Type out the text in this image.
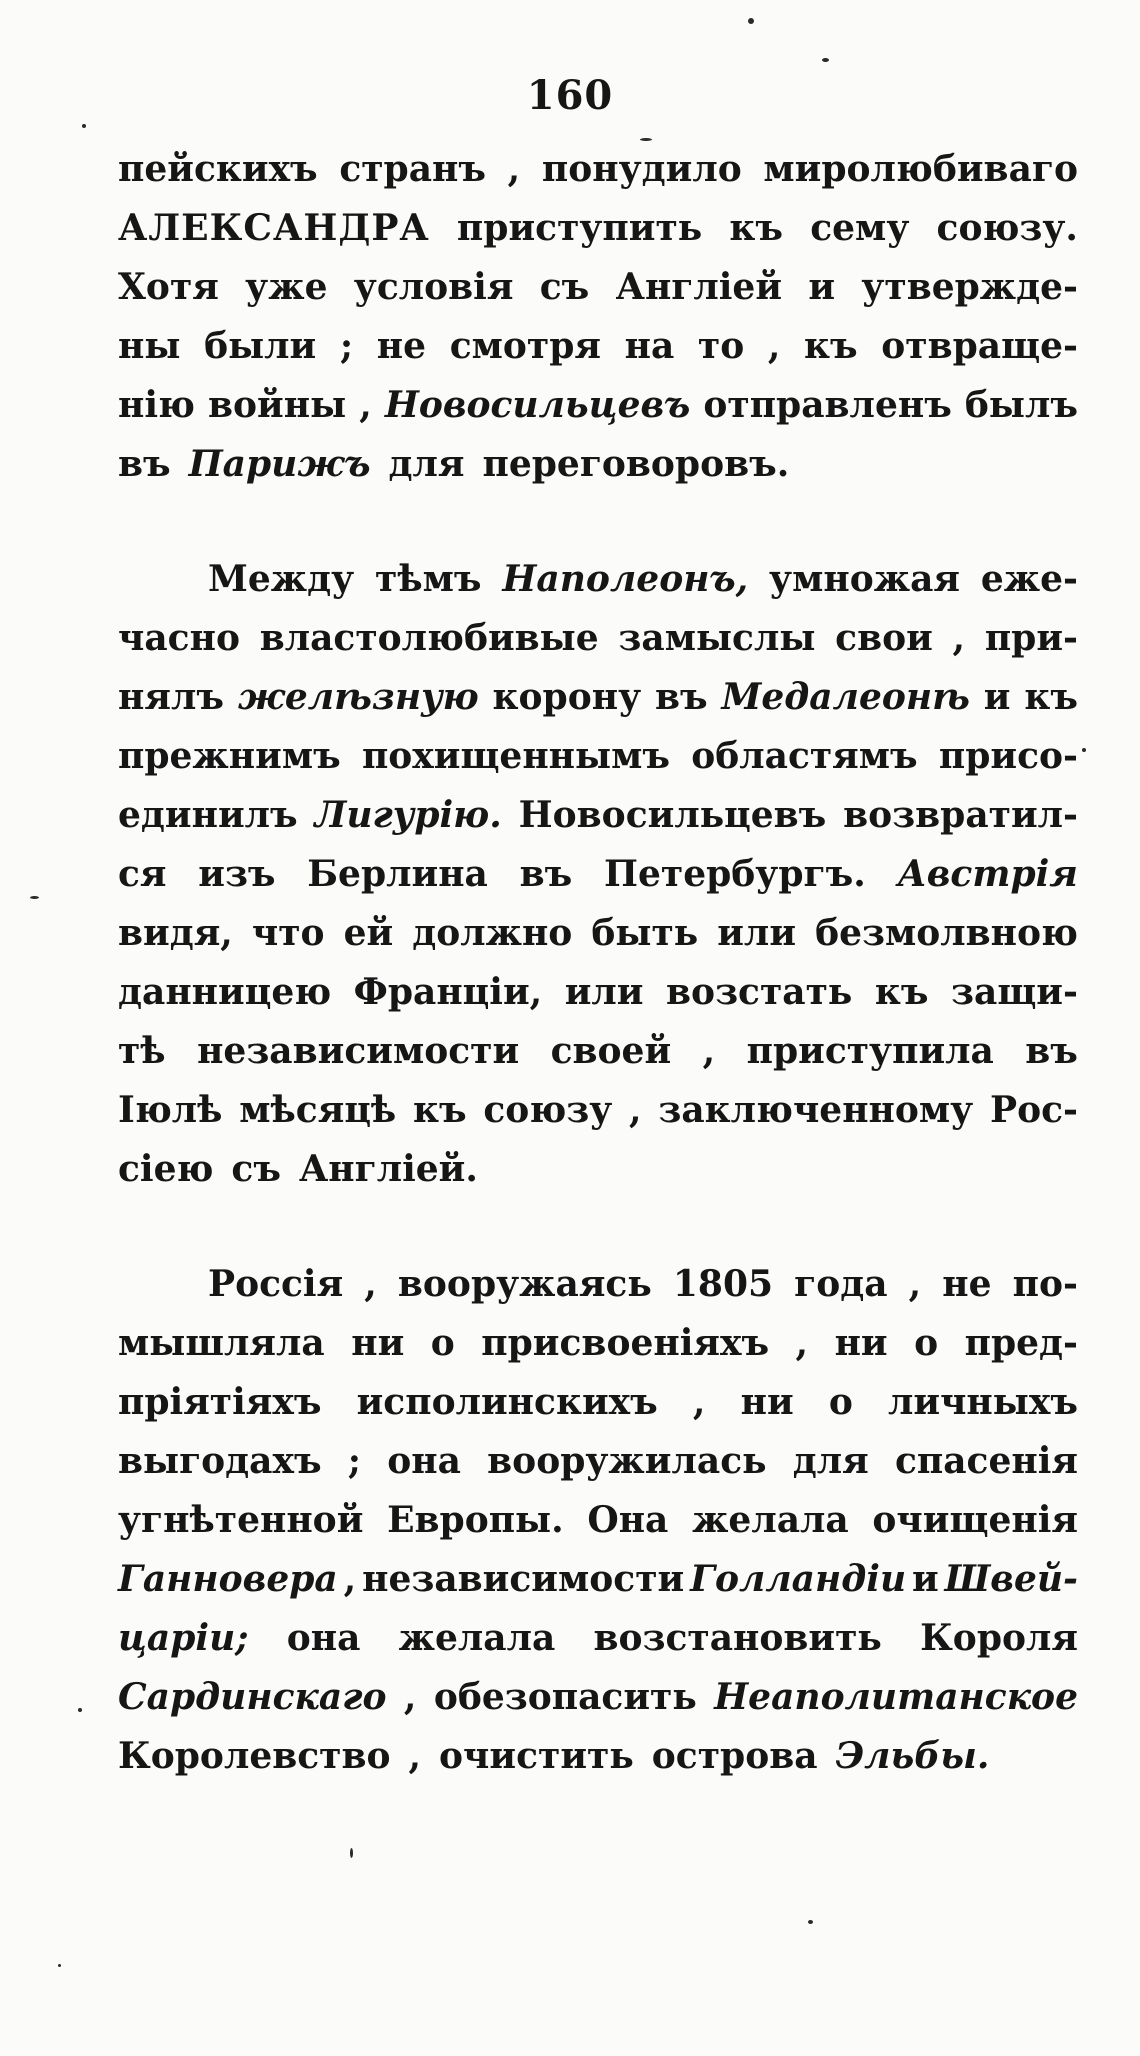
160
пейскихъ странъ , понудило миролюбиваго
АЛЕКСАНДРА приступить къ сему союзу.
Хотя уже условія съ Англіей и утвержде-
ны были ; не смотря на то , къ отвраще-
нію войны , Новосильцевъ отправленъ былъ
въ Парижъ для переговоровъ.
Между тѣмъ Наполеонъ, умножая еже-
часно властолюбивые замыслы свои , при-
нялъ желѣзную корону въ Медалеонѣ и къ
прежнимъ похищеннымъ областямъ присо-
единилъ Лигурію. Новосильцевъ возвратил-
ся изъ Берлина въ Петербургъ. Австрія
видя, что ей должно быть или безмолвною
данницею Франціи, или возстать къ защи-
тѣ независимости своей , приступила въ
Іюлѣ мѣсяцѣ къ союзу , заключенному Рос-
сіею съ Англіей.
Россія , вооружаясь 1805 года , не по-
мышляла ни о присвоеніяхъ , ни о пред-
пріятіяхъ исполинскихъ , ни о личныхъ
выгодахъ ; она вооружилась для спасенія
угнѣтенной Европы. Она желала очищенія
Ганновера , независимости Голландіи и Швей-
царіи; она желала возстановить Короля
Сардинскаго , обезопасить Неаполитанское
Королевство , очистить острова Эльбы.
